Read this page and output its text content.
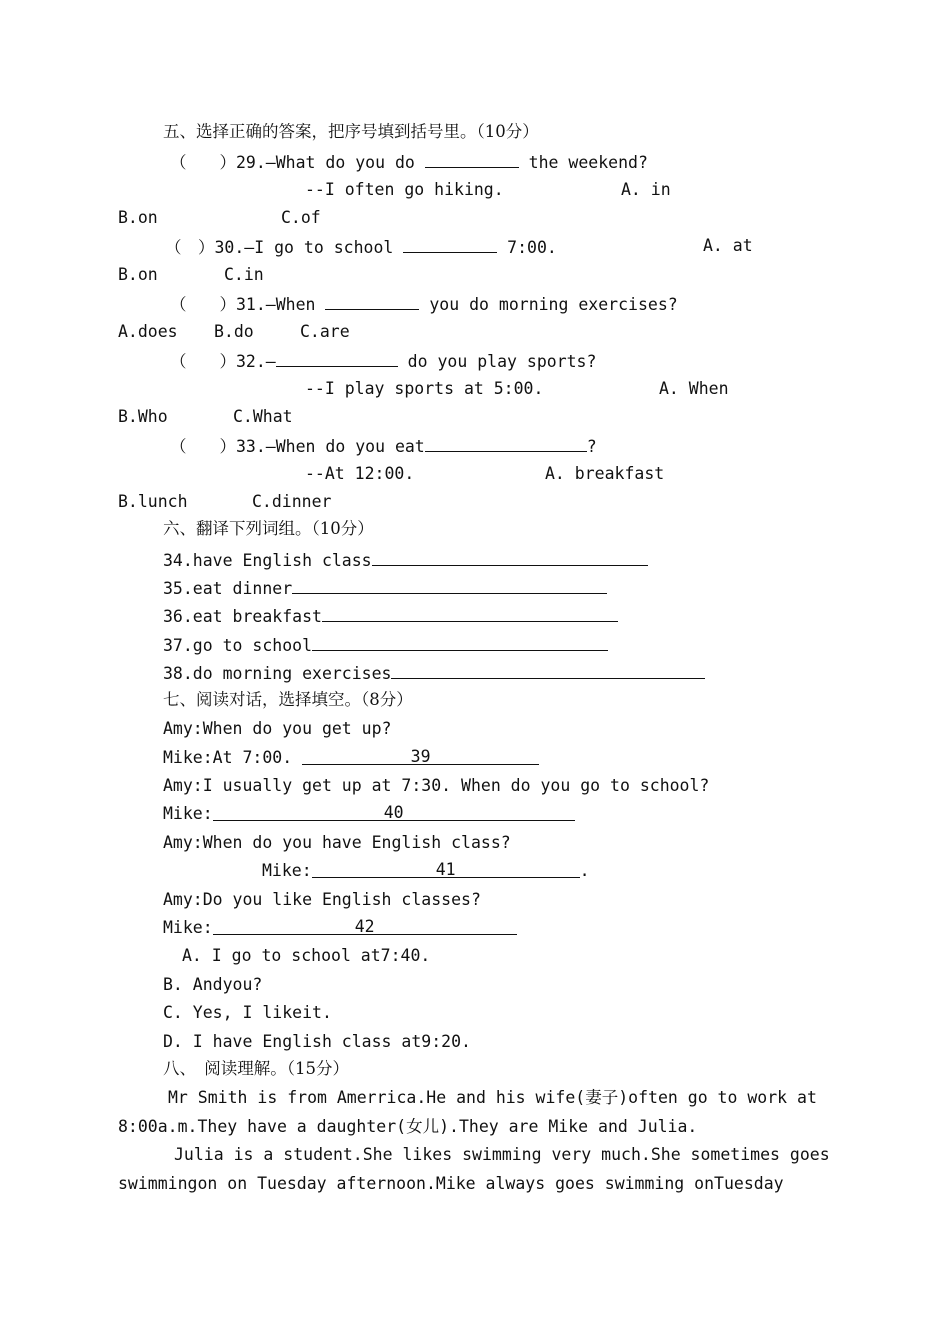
五、选择正确的答案，把序号填到括号里。（10分）
（　　）29.—What do you do	the weekend?
--I often go hiking.	A. in
B.on	C.of
（　）30.—I go to school	7:00.	A. at
B.on	C.in
（　　）31.—When	you do morning exercises?
A.does B.do	C.are
（　　）32.—	do you play sports?
--I play sports at 5:00.	A. When
B.Who	C.What
（　　）33.—When do you eat	?
--At 12:00.	A. breakfast
B.lunch	C.dinner
六、翻译下列词组。（10分）
34.have English class
35.eat dinner
36.eat breakfast
37.go to school
38.do morning exercises
七、阅读对话，选择填空。（8分）
Amy:When do you get up?
Mike:At 7:00.	39
Amy:I usually get up at 7:30. When do you go to school?
Mike:	40
Amy:When do you have English class?
Mike:	41	.
Amy:Do you like English classes?
Mike:	42
A. I go to school at7:40.
B. Andyou?
C. Yes, I likeit.
D. I have English class at9:20.
八、　阅读理解。（15分）
Mr Smith is from Amerrica.He and his wife(妻子)often go to work at
8:00a.m.They have a daughter(女儿).They are Mike and Julia.
Julia is a student.She likes swimming very much.She sometimes goes
swimmingon on Tuesday afternoon.Mike always goes swimming onTuesday
